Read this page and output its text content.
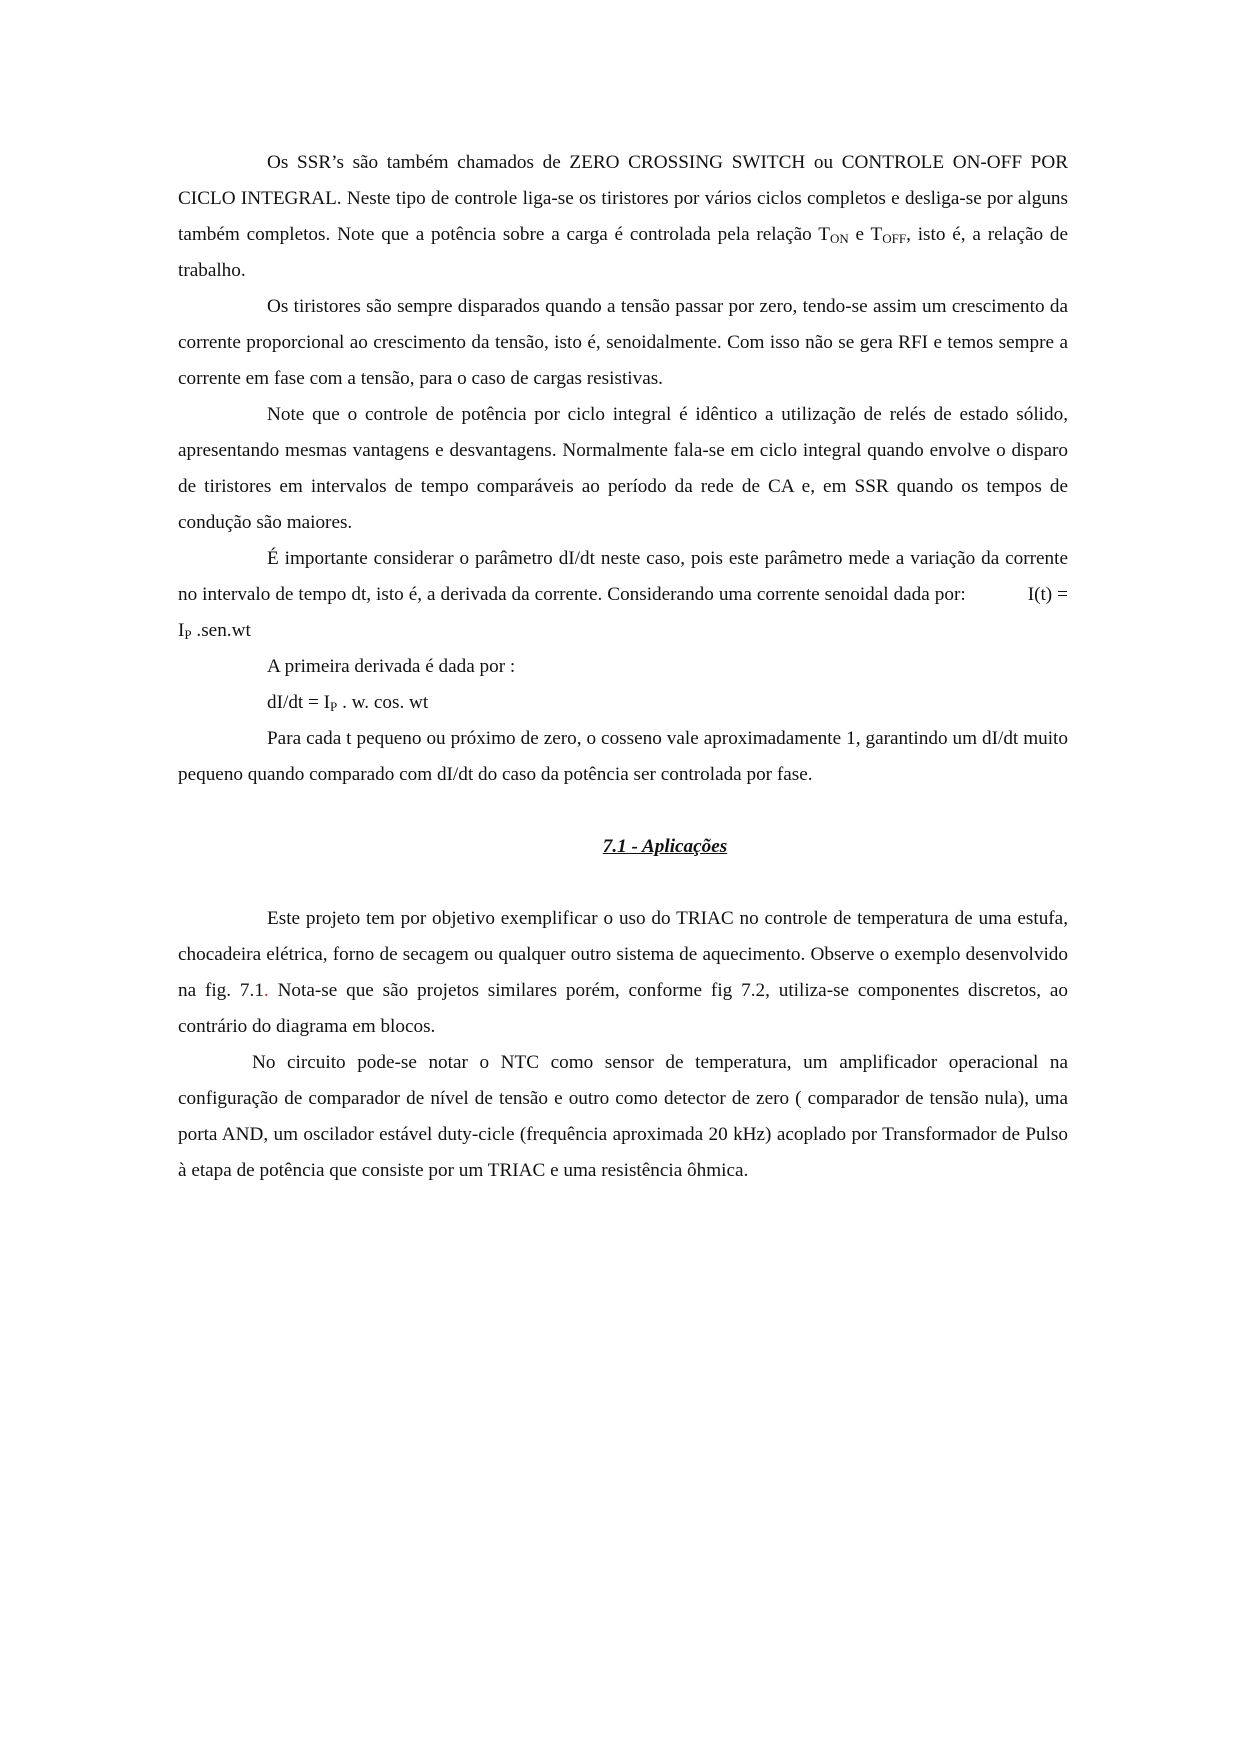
Os SSR’s são também chamados de ZERO CROSSING SWITCH ou CONTROLE ON-OFF POR CICLO INTEGRAL. Neste tipo de controle liga-se os tiristores por vários ciclos completos e desliga-se por alguns também completos. Note que a potência sobre a carga é controlada pela relação $T_{ON}$ e $T_{OFF}$, isto é, a relação de trabalho.

Os tiristores são sempre disparados quando a tensão passar por zero, tendo-se assim um crescimento da corrente proporcional ao crescimento da tensão, isto é, senoidalmente. Com isso não se gera RFI e temos sempre a corrente em fase com a tensão, para o caso de cargas resistivas.

Note que o controle de potência por ciclo integral é idêntico a utilização de relés de estado sólido, apresentando mesmas vantagens e desvantagens. Normalmente fala-se em ciclo integral quando envolve o disparo de tiristores em intervalos de tempo comparáveis ao período da rede de CA e, em SSR quando os tempos de condução são maiores.

É importante considerar o parâmetro dI/dt neste caso, pois este parâmetro mede a variação da corrente no intervalo de tempo dt, isto é, a derivada da corrente. Considerando uma corrente senoidal dada por:	$I(t) = I_P$ .sen.wt

A primeira derivada é dada por :

$dI/dt = I_P$ . w. cos. wt

Para cada t pequeno ou próximo de zero, o cosseno vale aproximadamente 1, garantindo um dI/dt muito pequeno quando comparado com dI/dt do caso da potência ser controlada por fase.

7.1 - Aplicações

Este projeto tem por objetivo exemplificar o uso do TRIAC no controle de temperatura de uma estufa, chocadeira elétrica, forno de secagem ou qualquer outro sistema de aquecimento. Observe o exemplo desenvolvido na fig. 7.1. Nota-se que são projetos similares porém, conforme fig 7.2, utiliza-se componentes discretos, ao contrário do diagrama em blocos.

No circuito pode-se notar o NTC como sensor de temperatura, um amplificador operacional na configuração de comparador de nível de tensão e outro como detector de zero ( comparador de tensão nula), uma porta AND, um oscilador estável duty-cicle (frequência aproximada 20 kHz) acoplado por Transformador de Pulso à etapa de potência que consiste por um TRIAC e uma resistência ôhmica.
